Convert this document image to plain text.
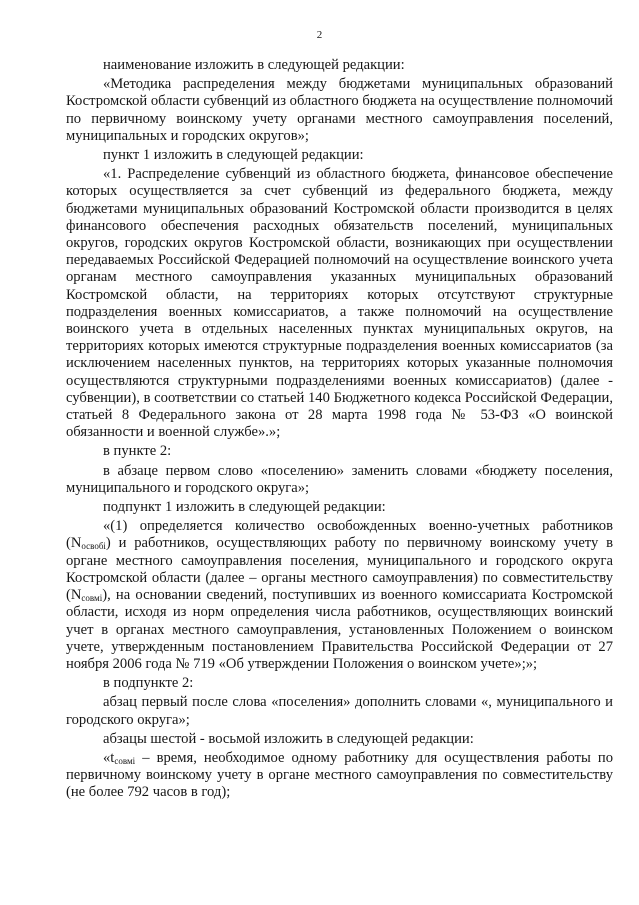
2

наименование изложить в следующей редакции:

«Методика распределения между бюджетами муниципальных образований Костромской области субвенций из областного бюджета на осуществление полномочий по первичному воинскому учету органами местного самоуправления поселений, муниципальных и городских округов»;

пункт 1 изложить в следующей редакции:

«1. Распределение субвенций из областного бюджета, финансовое обеспечение которых осуществляется за счет субвенций из федерального бюджета, между бюджетами муниципальных образований Костромской области производится в целях финансового обеспечения расходных обязательств поселений, муниципальных округов, городских округов Костромской области, возникающих при осуществлении передаваемых Российской Федерацией полномочий на осуществление воинского учета органам местного самоуправления указанных муниципальных образований Костромской области, на территориях которых отсутствуют структурные подразделения военных комиссариатов, а также полномочий на осуществление воинского учета в отдельных населенных пунктах муниципальных округов, на территориях которых имеются структурные подразделения военных комиссариатов (за исключением населенных пунктов, на территориях которых указанные полномочия осуществляются структурными подразделениями военных комиссариатов) (далее - субвенции), в соответствии со статьей 140 Бюджетного кодекса Российской Федерации, статьей 8 Федерального закона от 28 марта 1998 года № 53-ФЗ «О воинской обязанности и военной службе».»;

в пункте 2:

в абзаце первом слово «поселению» заменить словами «бюджету поселения, муниципального и городского округа»;

подпункт 1 изложить в следующей редакции:

«(1) определяется количество освобожденных военно-учетных работников $(N_{освобi})$ и работников, осуществляющих работу по первичному воинскому учету в органе местного самоуправления поселения, муниципального и городского округа Костромской области (далее – органы местного самоуправления) по совместительству $(N_{совмi})$, на основании сведений, поступивших из военного комиссариата Костромской области, исходя из норм определения числа работников, осуществляющих воинский учет в органах местного самоуправления, установленных Положением о воинском учете, утвержденным постановлением Правительства Российской Федерации от 27 ноября 2006 года № 719 «Об утверждении Положения о воинском учете»;»;

в подпункте 2:

абзац первый после слова «поселения» дополнить словами «, муниципального и городского округа»;

абзацы шестой - восьмой изложить в следующей редакции:

«$t_{совмi}$ – время, необходимое одному работнику для осуществления работы по первичному воинскому учету в органе местного самоуправления по совместительству (не более 792 часов в год);
